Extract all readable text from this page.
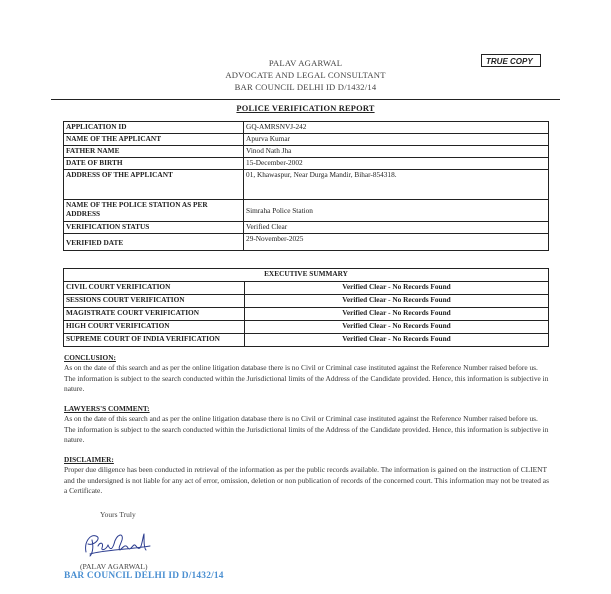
PALAV AGARWAL
ADVOCATE AND LEGAL CONSULTANT
BAR COUNCIL DELHI ID D/1432/14
TRUE COPY
POLICE VERIFICATION REPORT
APPLICATION ID	GQ-AMRSNVJ-242
NAME OF THE APPLICANT	Apurva Kumar
FATHER NAME	Vinod Nath Jha
DATE OF BIRTH	15-December-2002
ADDRESS OF THE APPLICANT	01, Khawaspur, Near Durga Mandir, Bihar-854318.
NAME OF THE POLICE STATION AS PER ADDRESS	Simraha Police Station
VERIFICATION STATUS	Verified Clear
VERIFIED DATE	29-November-2025
EXECUTIVE SUMMARY	
CIVIL COURT VERIFICATION	Verified Clear - No Records Found
SESSIONS COURT VERIFICATION	Verified Clear - No Records Found
MAGISTRATE COURT VERIFICATION	Verified Clear - No Records Found
HIGH COURT VERIFICATION	Verified Clear - No Records Found
SUPREME COURT OF INDIA VERIFICATION	Verified Clear - No Records Found
CONCLUSION:
As on the date of this search and as per the online litigation database there is no Civil or Criminal case instituted against the Reference Number raised before us. The information is subject to the search conducted within the Jurisdictional limits of the Address of the Candidate provided. Hence, this information is subjective in nature.
LAWYERS'S COMMENT:
As on the date of this search and as per the online litigation database there is no Civil or Criminal case instituted against the Reference Number raised before us. The information is subject to the search conducted within the Jurisdictional limits of the Address of the Candidate provided. Hence, this information is subjective in nature.
DISCLAIMER:
Proper due diligence has been conducted in retrieval of the information as per the public records available. The information is gained on the instruction of CLIENT and the undersigned is not liable for any act of error, omission, deletion or non publication of records of the concerned court. This information may not be treated as a Certificate.
Yours Truly
(PALAV AGARWAL)
BAR COUNCIL DELHI ID D/1432/14
